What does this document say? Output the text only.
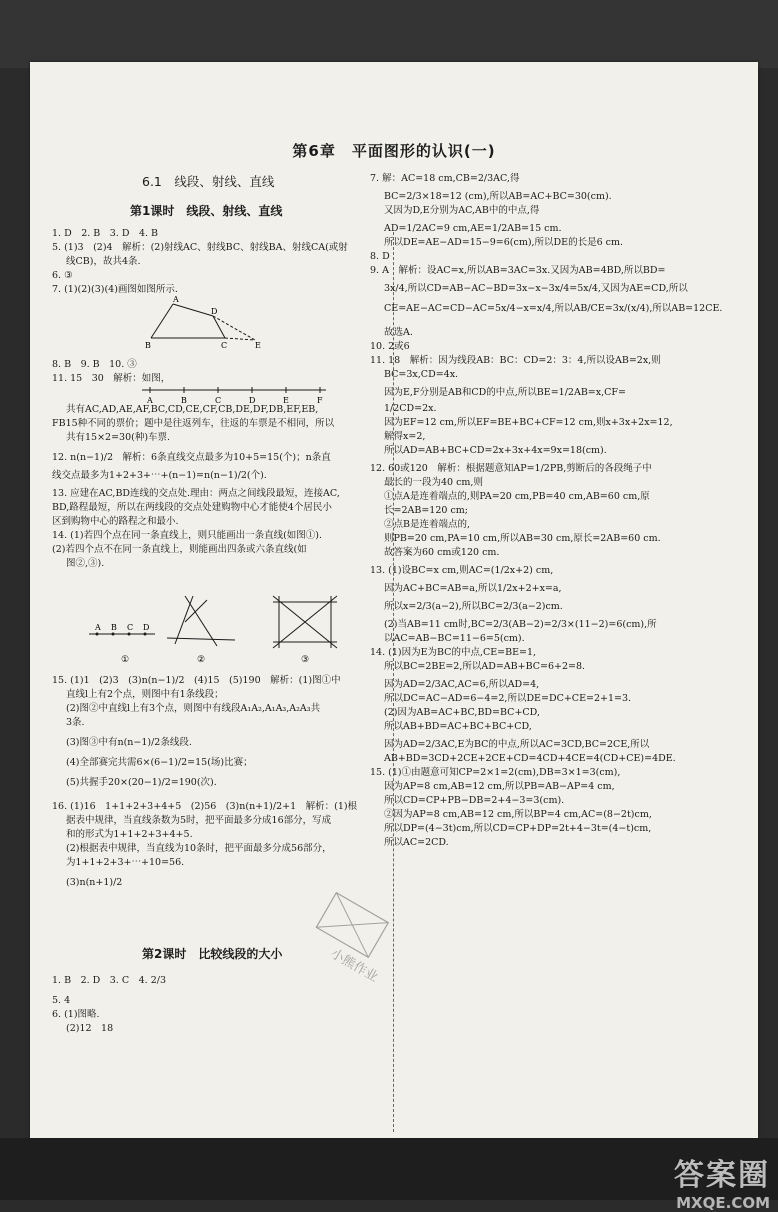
第6章　平面图形的认识(一)
6.1　线段、射线、直线
第1课时　线段、射线、直线

1. D　2. B　3. D　4. B

5. (1)3　(2)4　解析：(2)射线AC、射线BC、射线BA、射线CA(或射

线CB)，故共4条.

6. ③

7. (1)(2)(3)(4)画图如图所示.

A
D
B	C	E

8. B　9. B　10. ③

11. 15　30　解析：如图，

A	B	C	D	E	F

共有AC,AD,AE,AF,BC,CD,CE,CF,CB,DE,DF,DB,EF,EB,

FB15种不同的票价；题中是往返列车，往返的车票是不相同，所以

共有15×2=30(种)车票.

12. n(n−1)/2　解析：6条直线交点最多为10+5=15(个)；n条直

线交点最多为1+2+3+⋯+(n−1)=n(n−1)/2(个).

13. 应建在AC,BD连线的交点处.理由：两点之间线段最短，连接AC,

BD,路程最短，所以在两线段的交点处建购物中心才能使4个居民小

区到购物中心的路程之和最小.

14. (1)若四个点在同一条直线上，则只能画出一条直线(如图①).

(2)若四个点不在同一条直线上，则能画出四条或六条直线(如

图②,③).

A B C D
①	②	③

15. (1)1　(2)3　(3)n(n−1)/2　(4)15　(5)190　解析：(1)图①中

直线l上有2个点，则图中有1条线段；

(2)图②中直线l上有3个点，则图中有线段A₁A₂,A₁A₃,A₂A₃共

3条.

(3)图③中有n(n−1)/2条线段.

(4)全部赛完共需6×(6−1)/2=15(场)比赛；

(5)共握手20×(20−1)/2=190(次).

16. (1)16　1+1+2+3+4+5　(2)56　(3)n(n+1)/2+1　解析：(1)根

据表中规律，当直线条数为5时，把平面最多分成16部分，写成

和的形式为1+1+2+3+4+5.

(2)根据表中规律，当直线为10条时，把平面最多分成56部分，

为1+1+2+3+⋯+10=56.

(3)n(n+1)/2

第2课时　比较线段的大小

1. B　2. D　3. C　4. 2/3

5. 4

6. (1)图略.

(2)12　18

7. 解：AC=18 cm,CB=2/3AC,得

BC=2/3×18=12 (cm),所以AB=AC+BC=30(cm).

又因为D,E分别为AC,AB中的中点,得

AD=1/2AC=9 cm,AE=1/2AB=15 cm.

所以DE=AE−AD=15−9=6(cm),所以DE的长是6 cm.

8. D

9. A　解析：设AC=x,所以AB=3AC=3x.又因为AB=4BD,所以BD=

3x/4,所以CD=AB−AC−BD=3x−x−3x/4=5x/4,又因为AE=CD,所以

CE=AE−AC=CD−AC=5x/4−x=x/4,所以AB/CE=3x/(x/4),所以AB=12CE.

故选A.

10. 2或6

11. 18　解析：因为线段AB：BC：CD=2：3：4,所以设AB=2x,则

BC=3x,CD=4x.

因为E,F分别是AB和CD的中点,所以BE=1/2AB=x,CF=

1/2CD=2x.

因为EF=12 cm,所以EF=BE+BC+CF=12 cm,则x+3x+2x=12,

解得x=2,

所以AD=AB+BC+CD=2x+3x+4x=9x=18(cm).

12. 60或120　解析：根据题意知AP=1/2PB,剪断后的各段绳子中

最长的一段为40 cm,则

①点A是连着端点的,则PA=20 cm,PB=40 cm,AB=60 cm,原

长=2AB=120 cm;

②点B是连着端点的,

则PB=20 cm,PA=10 cm,所以AB=30 cm,原长=2AB=60 cm.

故答案为60 cm或120 cm.

13. (1)设BC=x cm,则AC=(1/2x+2) cm,

因为AC+BC=AB=a,所以1/2x+2+x=a,

所以x=2/3(a−2),所以BC=2/3(a−2)cm.

(2)当AB=11 cm时,BC=2/3(AB−2)=2/3×(11−2)=6(cm),所

以AC=AB−BC=11−6=5(cm).

14. (1)因为E为BC的中点,CE=BE=1,

所以BC=2BE=2,所以AD=AB+BC=6+2=8.

因为AD=2/3AC,AC=6,所以AD=4,

所以DC=AC−AD=6−4=2,所以DE=DC+CE=2+1=3.

(2)因为AB=AC+BC,BD=BC+CD,

所以AB+BD=AC+BC+BC+CD,

因为AD=2/3AC,E为BC的中点,所以AC=3CD,BC=2CE,所以

AB+BD=3CD+2CE+2CE+CD=4CD+4CE=4(CD+CE)=4DE.

15. (1)①由题意可知CP=2×1=2(cm),DB=3×1=3(cm),

因为AP=8 cm,AB=12 cm,所以PB=AB−AP=4 cm,

所以CD=CP+PB−DB=2+4−3=3(cm).

②因为AP=8 cm,AB=12 cm,所以BP=4 cm,AC=(8−2t)cm,

所以DP=(4−3t)cm,所以CD=CP+DP=2t+4−3t=(4−t)cm,

所以AC=2CD.

小熊作业
答案圈
MXQE.COM
